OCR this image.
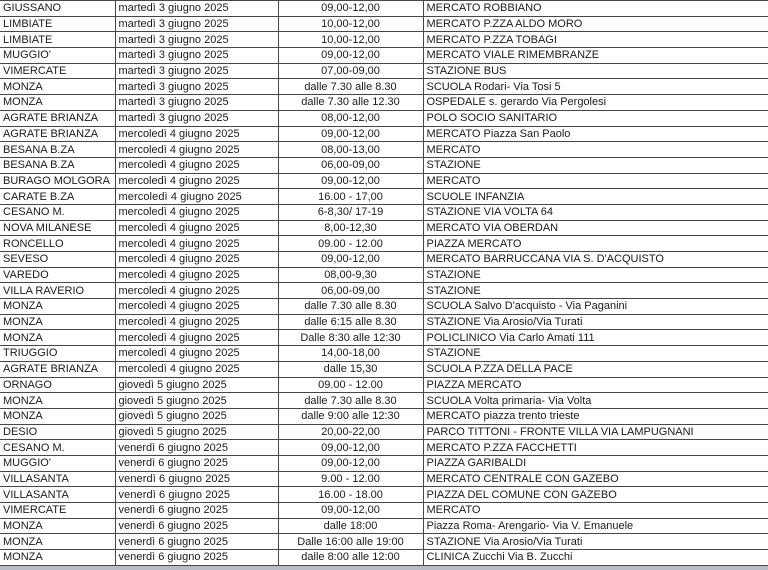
GIUSSANO	martedì 3 giugno 2025	09,00-12,00	MERCATO ROBBIANO
LIMBIATE	martedì 3 giugno 2025	10,00-12,00	MERCATO P.ZZA ALDO MORO
LIMBIATE	martedì 3 giugno 2025	10,00-12,00	MERCATO P.ZZA TOBAGI
MUGGIO'	martedì 3 giugno 2025	09,00-12,00	MERCATO VIALE RIMEMBRANZE
VIMERCATE	martedì 3 giugno 2025	07,00-09,00	STAZIONE BUS
MONZA	martedì 3 giugno 2025	dalle 7.30 alle 8.30	SCUOLA Rodari- Via Tosi 5
MONZA	martedì 3 giugno 2025	dalle 7.30 alle 12.30	OSPEDALE s. gerardo Via Pergolesi
AGRATE BRIANZA	martedì 3 giugno 2025	08,00-12,00	POLO SOCIO SANITARIO
AGRATE BRIANZA	mercoledì 4 giugno 2025	09,00-12,00	MERCATO Piazza San Paolo
BESANA B.ZA	mercoledì 4 giugno 2025	08,00-13,00	MERCATO
BESANA B.ZA	mercoledì 4 giugno 2025	06,00-09,00	STAZIONE
BURAGO MOLGORA	mercoledì 4 giugno 2025	09,00-12,00	MERCATO
CARATE B.ZA	mercoledì 4 giugno 2025	16.00 - 17,00	SCUOLE INFANZIA
CESANO M.	mercoledì 4 giugno 2025	6-8,30/ 17-19	STAZIONE VIA VOLTA 64
NOVA MILANESE	mercoledì 4 giugno 2025	8,00-12,30	MERCATO VIA OBERDAN
RONCELLO	mercoledì 4 giugno 2025	09.00 - 12.00	PIAZZA MERCATO
SEVESO	mercoledì 4 giugno 2025	09,00-12,00	MERCATO BARRUCCANA VIA S. D'ACQUISTO
VAREDO	mercoledì 4 giugno 2025	08,00-9,30	STAZIONE
VILLA RAVERIO	mercoledì 4 giugno 2025	06,00-09,00	STAZIONE
MONZA	mercoledì 4 giugno 2025	dalle 7.30 alle 8.30	SCUOLA Salvo D'acquisto - Via Paganini
MONZA	mercoledì 4 giugno 2025	dalle 6:15 alle 8.30	STAZIONE Via Arosio/Via Turati
MONZA	mercoledì 4 giugno 2025	Dalle 8:30 alle 12:30	POLICLINICO Via Carlo Amati 111
TRIUGGIO	mercoledì 4 giugno 2025	14,00-18,00	STAZIONE
AGRATE BRIANZA	mercoledì 4 giugno 2025	dalle 15,30	SCUOLA P.ZZA DELLA PACE
ORNAGO	giovedì 5 giugno 2025	09.00 - 12.00	PIAZZA MERCATO
MONZA	giovedì 5 giugno 2025	dalle 7.30 alle 8.30	SCUOLA Volta primaria- Via Volta
MONZA	giovedì 5 giugno 2025	dalle 9:00 alle 12:30	MERCATO piazza trento trieste
DESIO	giovedì 5 giugno 2025	20,00-22,00	PARCO TITTONI - FRONTE VILLA VIA LAMPUGNANI
CESANO M.	venerdì 6 giugno 2025	09,00-12,00	MERCATO P.ZZA FACCHETTI
MUGGIO'	venerdì 6 giugno 2025	09,00-12,00	PIAZZA GARIBALDI
VILLASANTA	venerdì 6 giugno 2025	9.00 - 12.00	MERCATO CENTRALE CON GAZEBO
VILLASANTA	venerdì 6 giugno 2025	16.00 - 18.00	PIAZZA DEL COMUNE CON GAZEBO
VIMERCATE	venerdì 6 giugno 2025	09,00-12,00	MERCATO
MONZA	venerdì 6 giugno 2025	dalle 18:00	Piazza Roma- Arengario- Via V. Emanuele
MONZA	venerdì 6 giugno 2025	Dalle 16:00 alle 19:00	STAZIONE Via Arosio/Via Turati
MONZA	venerdì 6 giugno 2025	dalle 8:00 alle 12:00	CLINICA Zucchi Via B. Zucchi
